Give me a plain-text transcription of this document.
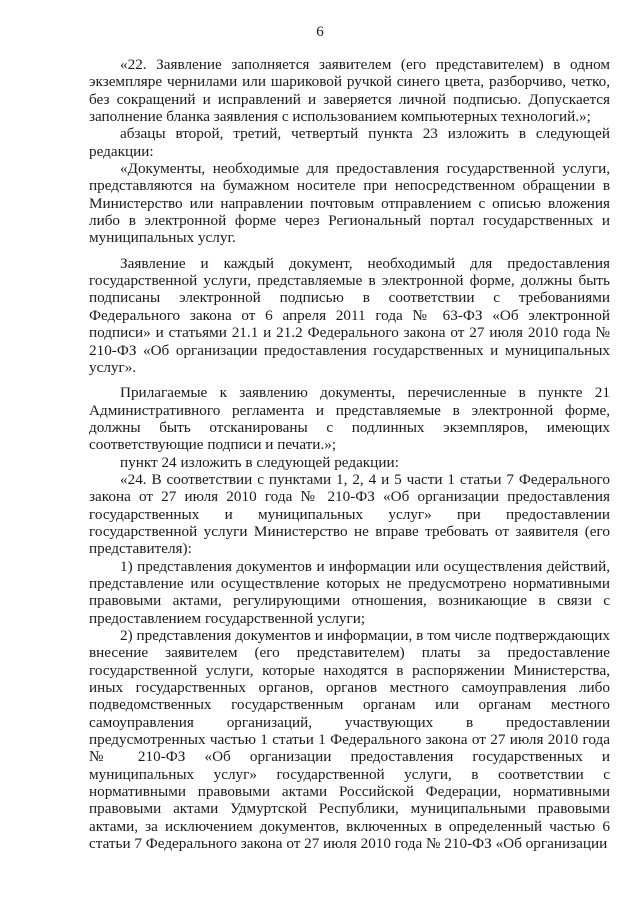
6

«22. Заявление заполняется заявителем (его представителем) в одном экземпляре чернилами или шариковой ручкой синего цвета, разборчиво, четко, без сокращений и исправлений и заверяется личной подписью. Допускается заполнение бланка заявления с использованием компьютерных технологий.»;

абзацы второй, третий, четвертый пункта 23 изложить в следующей редакции:

«Документы, необходимые для предоставления государственной услуги, представляются на бумажном носителе при непосредственном обращении в Министерство или направлении почтовым отправлением с описью вложения либо в электронной форме через Региональный портал государственных и муниципальных услуг.

Заявление и каждый документ, необходимый для предоставления государственной услуги, представляемые в электронной форме, должны быть подписаны электронной подписью в соответствии с требованиями Федерального закона от 6 апреля 2011 года № 63-ФЗ «Об электронной подписи» и статьями 21.1 и 21.2 Федерального закона от 27 июля 2010 года № 210-ФЗ «Об организации предоставления государственных и муниципальных услуг».

Прилагаемые к заявлению документы, перечисленные в пункте 21 Административного регламента и представляемые в электронной форме, должны быть отсканированы с подлинных экземпляров, имеющих соответствующие подписи и печати.»;

пункт 24 изложить в следующей редакции:

«24. В соответствии с пунктами 1, 2, 4 и 5 части 1 статьи 7 Федерального закона от 27 июля 2010 года № 210-ФЗ «Об организации предоставления государственных и муниципальных услуг» при предоставлении государственной услуги Министерство не вправе требовать от заявителя (его представителя):

1) представления документов и информации или осуществления действий, представление или осуществление которых не предусмотрено нормативными правовыми актами, регулирующими отношения, возникающие в связи с предоставлением государственной услуги;

2) представления документов и информации, в том числе подтверждающих внесение заявителем (его представителем) платы за предоставление государственной услуги, которые находятся в распоряжении Министерства, иных государственных органов, органов местного самоуправления либо подведомственных государственным органам или органам местного самоуправления организаций, участвующих в предоставлении предусмотренных частью 1 статьи 1 Федерального закона от 27 июля 2010 года № 210-ФЗ «Об организации предоставления государственных и муниципальных услуг» государственной услуги, в соответствии с нормативными правовыми актами Российской Федерации, нормативными правовыми актами Удмуртской Республики, муниципальными правовыми актами, за исключением документов, включенных в определенный частью 6 статьи 7 Федерального закона от 27 июля 2010 года № 210-ФЗ «Об организации
